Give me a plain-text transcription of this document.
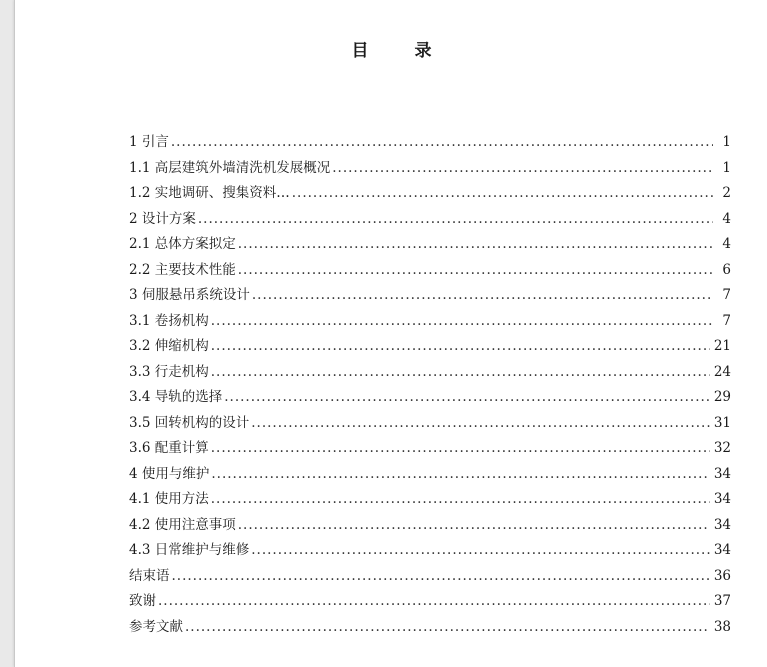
目 录
1 引言 .....	1
1.1 高层建筑外墙清洗机发展概况 .....	1
1.2 实地调研、搜集资料… .....	2
2 设计方案 .....	4
2.1 总体方案拟定 .....	4
2.2 主要技术性能 .....	6
3 伺服悬吊系统设计 .....	7
3.1 卷扬机构 .....	7
3.2 伸缩机构 .....	21
3.3 行走机构 .....	24
3.4 导轨的选择 .....	29
3.5 回转机构的设计 .....	31
3.6 配重计算 .....	32
4 使用与维护 .....	34
4.1 使用方法 .....	34
4.2 使用注意事项 .....	34
4.3 日常维护与维修 .....	34
结束语 .....	36
致谢 .....	37
参考文献 .....	38
